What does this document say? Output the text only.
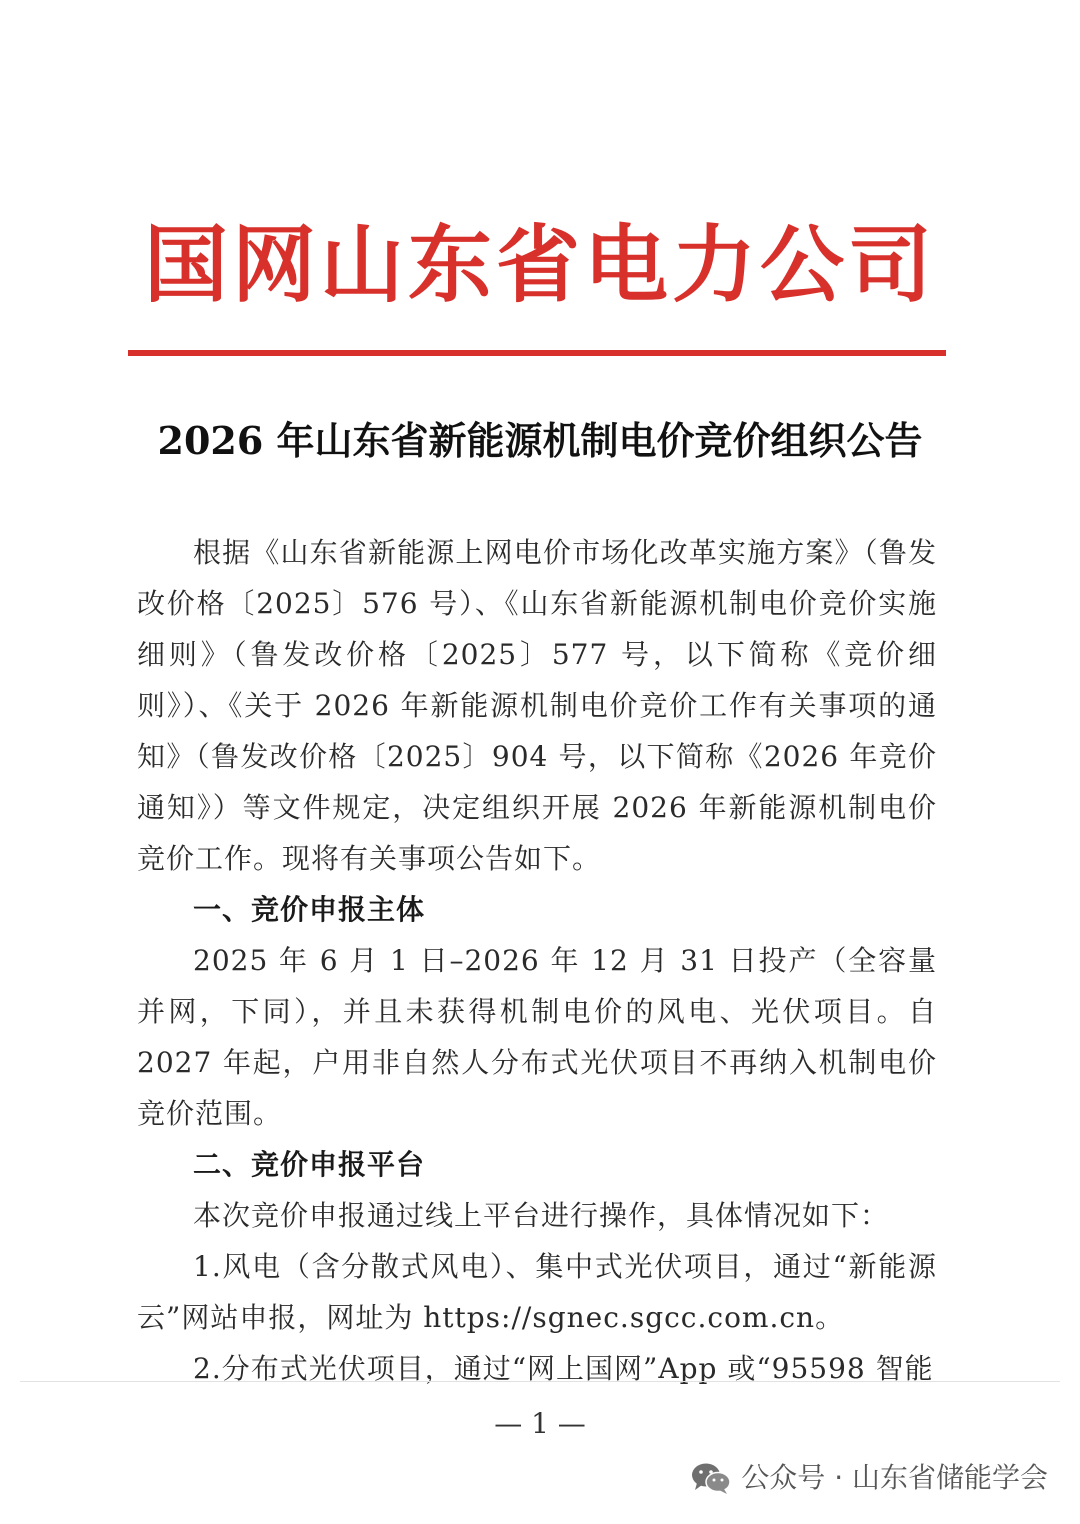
国网山东省电力公司
2026 年山东省新能源机制电价竞价组织公告

根据《山东省新能源上网电价市场化改革实施方案》（鲁发改价格〔2025〕576 号）、《山东省新能源机制电价竞价实施细则》（鲁发改价格〔2025〕577 号，以下简称《竞价细则》）、《关于 2026 年新能源机制电价竞价工作有关事项的通知》（鲁发改价格〔2025〕904 号，以下简称《2026 年竞价通知》）等文件规定，决定组织开展 2026 年新能源机制电价竞价工作。现将有关事项公告如下。

一、竞价申报主体

2025 年 6 月 1 日–2026 年 12 月 31 日投产（全容量并网，下同），并且未获得机制电价的风电、光伏项目。自 2027 年起，户用非自然人分布式光伏项目不再纳入机制电价竞价范围。

二、竞价申报平台

本次竞价申报通过线上平台进行操作，具体情况如下：

1.风电（含分散式风电）、集中式光伏项目，通过“新能源云”网站申报，网址为 https://sgnec.sgcc.com.cn。

2.分布式光伏项目，通过“网上国网”App 或“95598 智能

— 1 —
公众号 · 山东省储能学会
